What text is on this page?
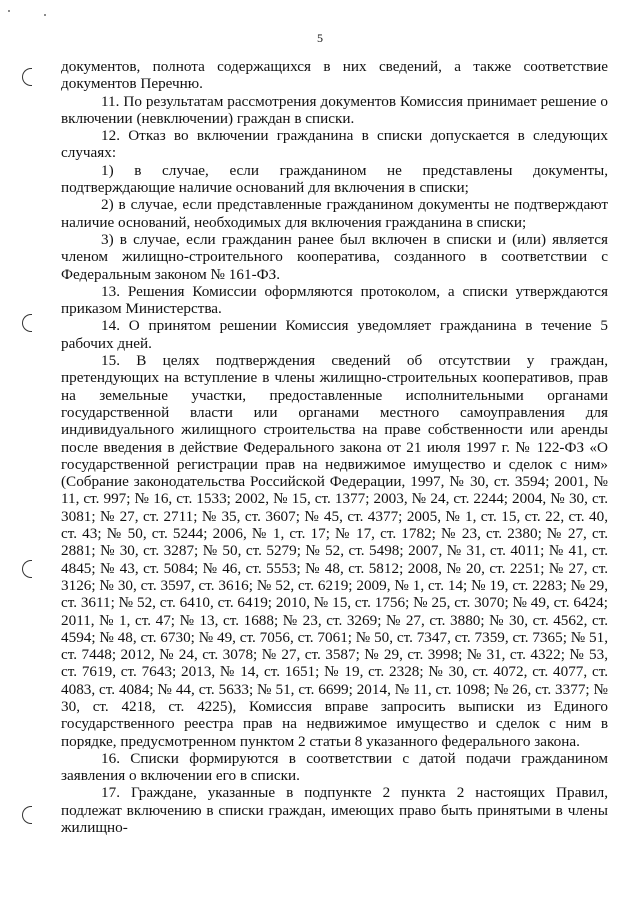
5

документов, полнота содержащихся в них сведений, а также соответствие документов Перечню.

11. По результатам рассмотрения документов Комиссия принимает решение о включении (невключении) граждан в списки.

12. Отказ во включении гражданина в списки допускается в следующих случаях:

1) в случае, если гражданином не представлены документы, подтверждающие наличие оснований для включения в списки;

2) в случае, если представленные гражданином документы не подтверждают наличие оснований, необходимых для включения гражданина в списки;

3) в случае, если гражданин ранее был включен в списки и (или) является членом жилищно-строительного кооператива, созданного в соответствии с Федеральным законом № 161-ФЗ.

13. Решения Комиссии оформляются протоколом, а списки утверждаются приказом Министерства.

14. О принятом решении Комиссия уведомляет гражданина в течение 5 рабочих дней.

15. В целях подтверждения сведений об отсутствии у граждан, претендующих на вступление в члены жилищно-строительных кооперативов, прав на земельные участки, предоставленные исполнительными органами государственной власти или органами местного самоуправления для индивидуального жилищного строительства на праве собственности или аренды после введения в действие Федерального закона от 21 июля 1997 г. № 122-ФЗ «О государственной регистрации прав на недвижимое имущество и сделок с ним» (Собрание законодательства Российской Федерации, 1997, № 30, ст. 3594; 2001, № 11, ст. 997; № 16, ст. 1533; 2002, № 15, ст. 1377; 2003, № 24, ст. 2244; 2004, № 30, ст. 3081; № 27, ст. 2711; № 35, ст. 3607; № 45, ст. 4377; 2005, № 1, ст. 15, ст. 22, ст. 40, ст. 43; № 50, ст. 5244; 2006, № 1, ст. 17; № 17, ст. 1782; № 23, ст. 2380; № 27, ст. 2881; № 30, ст. 3287; № 50, ст. 5279; № 52, ст. 5498; 2007, № 31, ст. 4011; № 41, ст. 4845; № 43, ст. 5084; № 46, ст. 5553; № 48, ст. 5812; 2008, № 20, ст. 2251; № 27, ст. 3126; № 30, ст. 3597, ст. 3616; № 52, ст. 6219; 2009, № 1, ст. 14; № 19, ст. 2283; № 29, ст. 3611; № 52, ст. 6410, ст. 6419; 2010, № 15, ст. 1756; № 25, ст. 3070; № 49, ст. 6424; 2011, № 1, ст. 47; № 13, ст. 1688; № 23, ст. 3269; № 27, ст. 3880; № 30, ст. 4562, ст. 4594; № 48, ст. 6730; № 49, ст. 7056, ст. 7061; № 50, ст. 7347, ст. 7359, ст. 7365; № 51, ст. 7448; 2012, № 24, ст. 3078; № 27, ст. 3587; № 29, ст. 3998; № 31, ст. 4322; № 53, ст. 7619, ст. 7643; 2013, № 14, ст. 1651; № 19, ст. 2328; № 30, ст. 4072, ст. 4077, ст. 4083, ст. 4084; № 44, ст. 5633; № 51, ст. 6699; 2014, № 11, ст. 1098; № 26, ст. 3377; № 30, ст. 4218, ст. 4225), Комиссия вправе запросить выписки из Единого государственного реестра прав на недвижимое имущество и сделок с ним в порядке, предусмотренном пунктом 2 статьи 8 указанного федерального закона.

16. Списки формируются в соответствии с датой подачи гражданином заявления о включении его в списки.

17. Граждане, указанные в подпункте 2 пункта 2 настоящих Правил, подлежат включению в списки граждан, имеющих право быть принятыми в члены жилищно-
